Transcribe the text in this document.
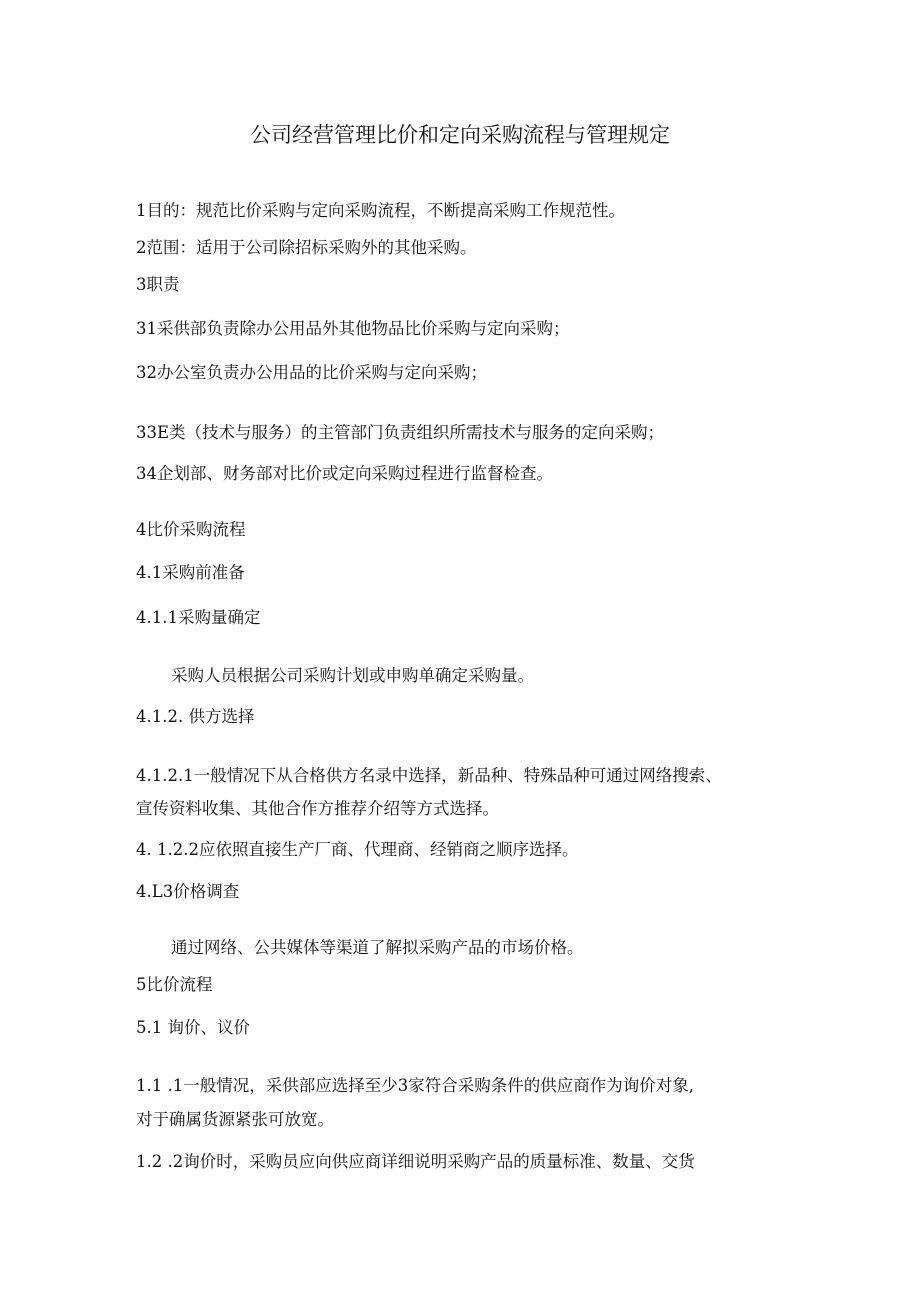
公司经营管理比价和定向采购流程与管理规定
1目的：规范比价采购与定向采购流程，不断提高采购工作规范性。
2范围：适用于公司除招标采购外的其他采购。
3职责
31采供部负责除办公用品外其他物品比价采购与定向采购；
32办公室负责办公用品的比价采购与定向采购；
33E类（技术与服务）的主管部门负责组织所需技术与服务的定向采购；
34企划部、财务部对比价或定向采购过程进行监督检查。
4比价采购流程
4.1采购前准备
4.1.1采购量确定
采购人员根据公司采购计划或申购单确定采购量。
4.1.2. 供方选择
4.1.2.1一般情况下从合格供方名录中选择，新品种、特殊品种可通过网络搜索、
宣传资料收集、其他合作方推荐介绍等方式选择。
4. 1.2.2应依照直接生产厂商、代理商、经销商之顺序选择。
4.L3价格调查
通过网络、公共媒体等渠道了解拟采购产品的市场价格。
5比价流程
5.1 询价、议价
1.1 .1一般情况，采供部应选择至少3家符合采购条件的供应商作为询价对象,
对于确属货源紧张可放宽。
1.2 .2询价时，采购员应向供应商详细说明采购产品的质量标准、数量、交货
